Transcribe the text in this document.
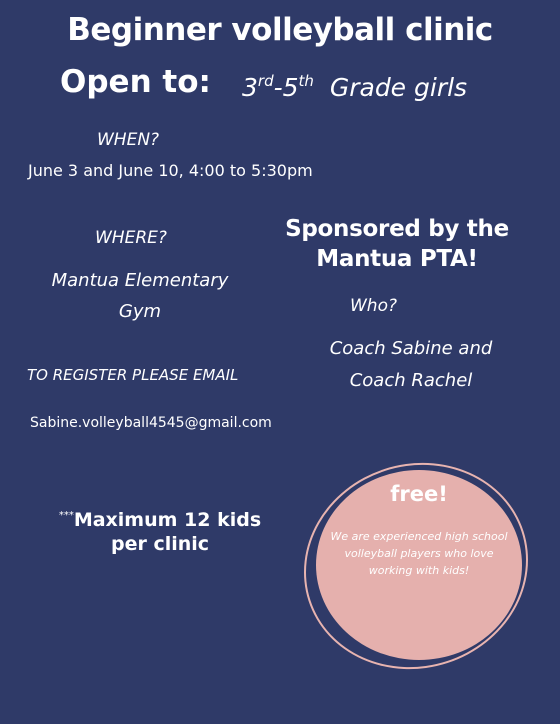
Beginner volleyball clinic
Open to: 3rd-5th Grade girls
WHEN?
June 3 and June 10, 4:00 to 5:30pm
WHERE?
Mantua Elementary Gym
Sponsored by the Mantua PTA!
Who?
Coach Sabine and Coach Rachel
TO REGISTER PLEASE EMAIL
Sabine.volleyball4545@gmail.com
***Maximum 12 kids per clinic
free!
We are experienced high school volleyball players who love working with kids!
